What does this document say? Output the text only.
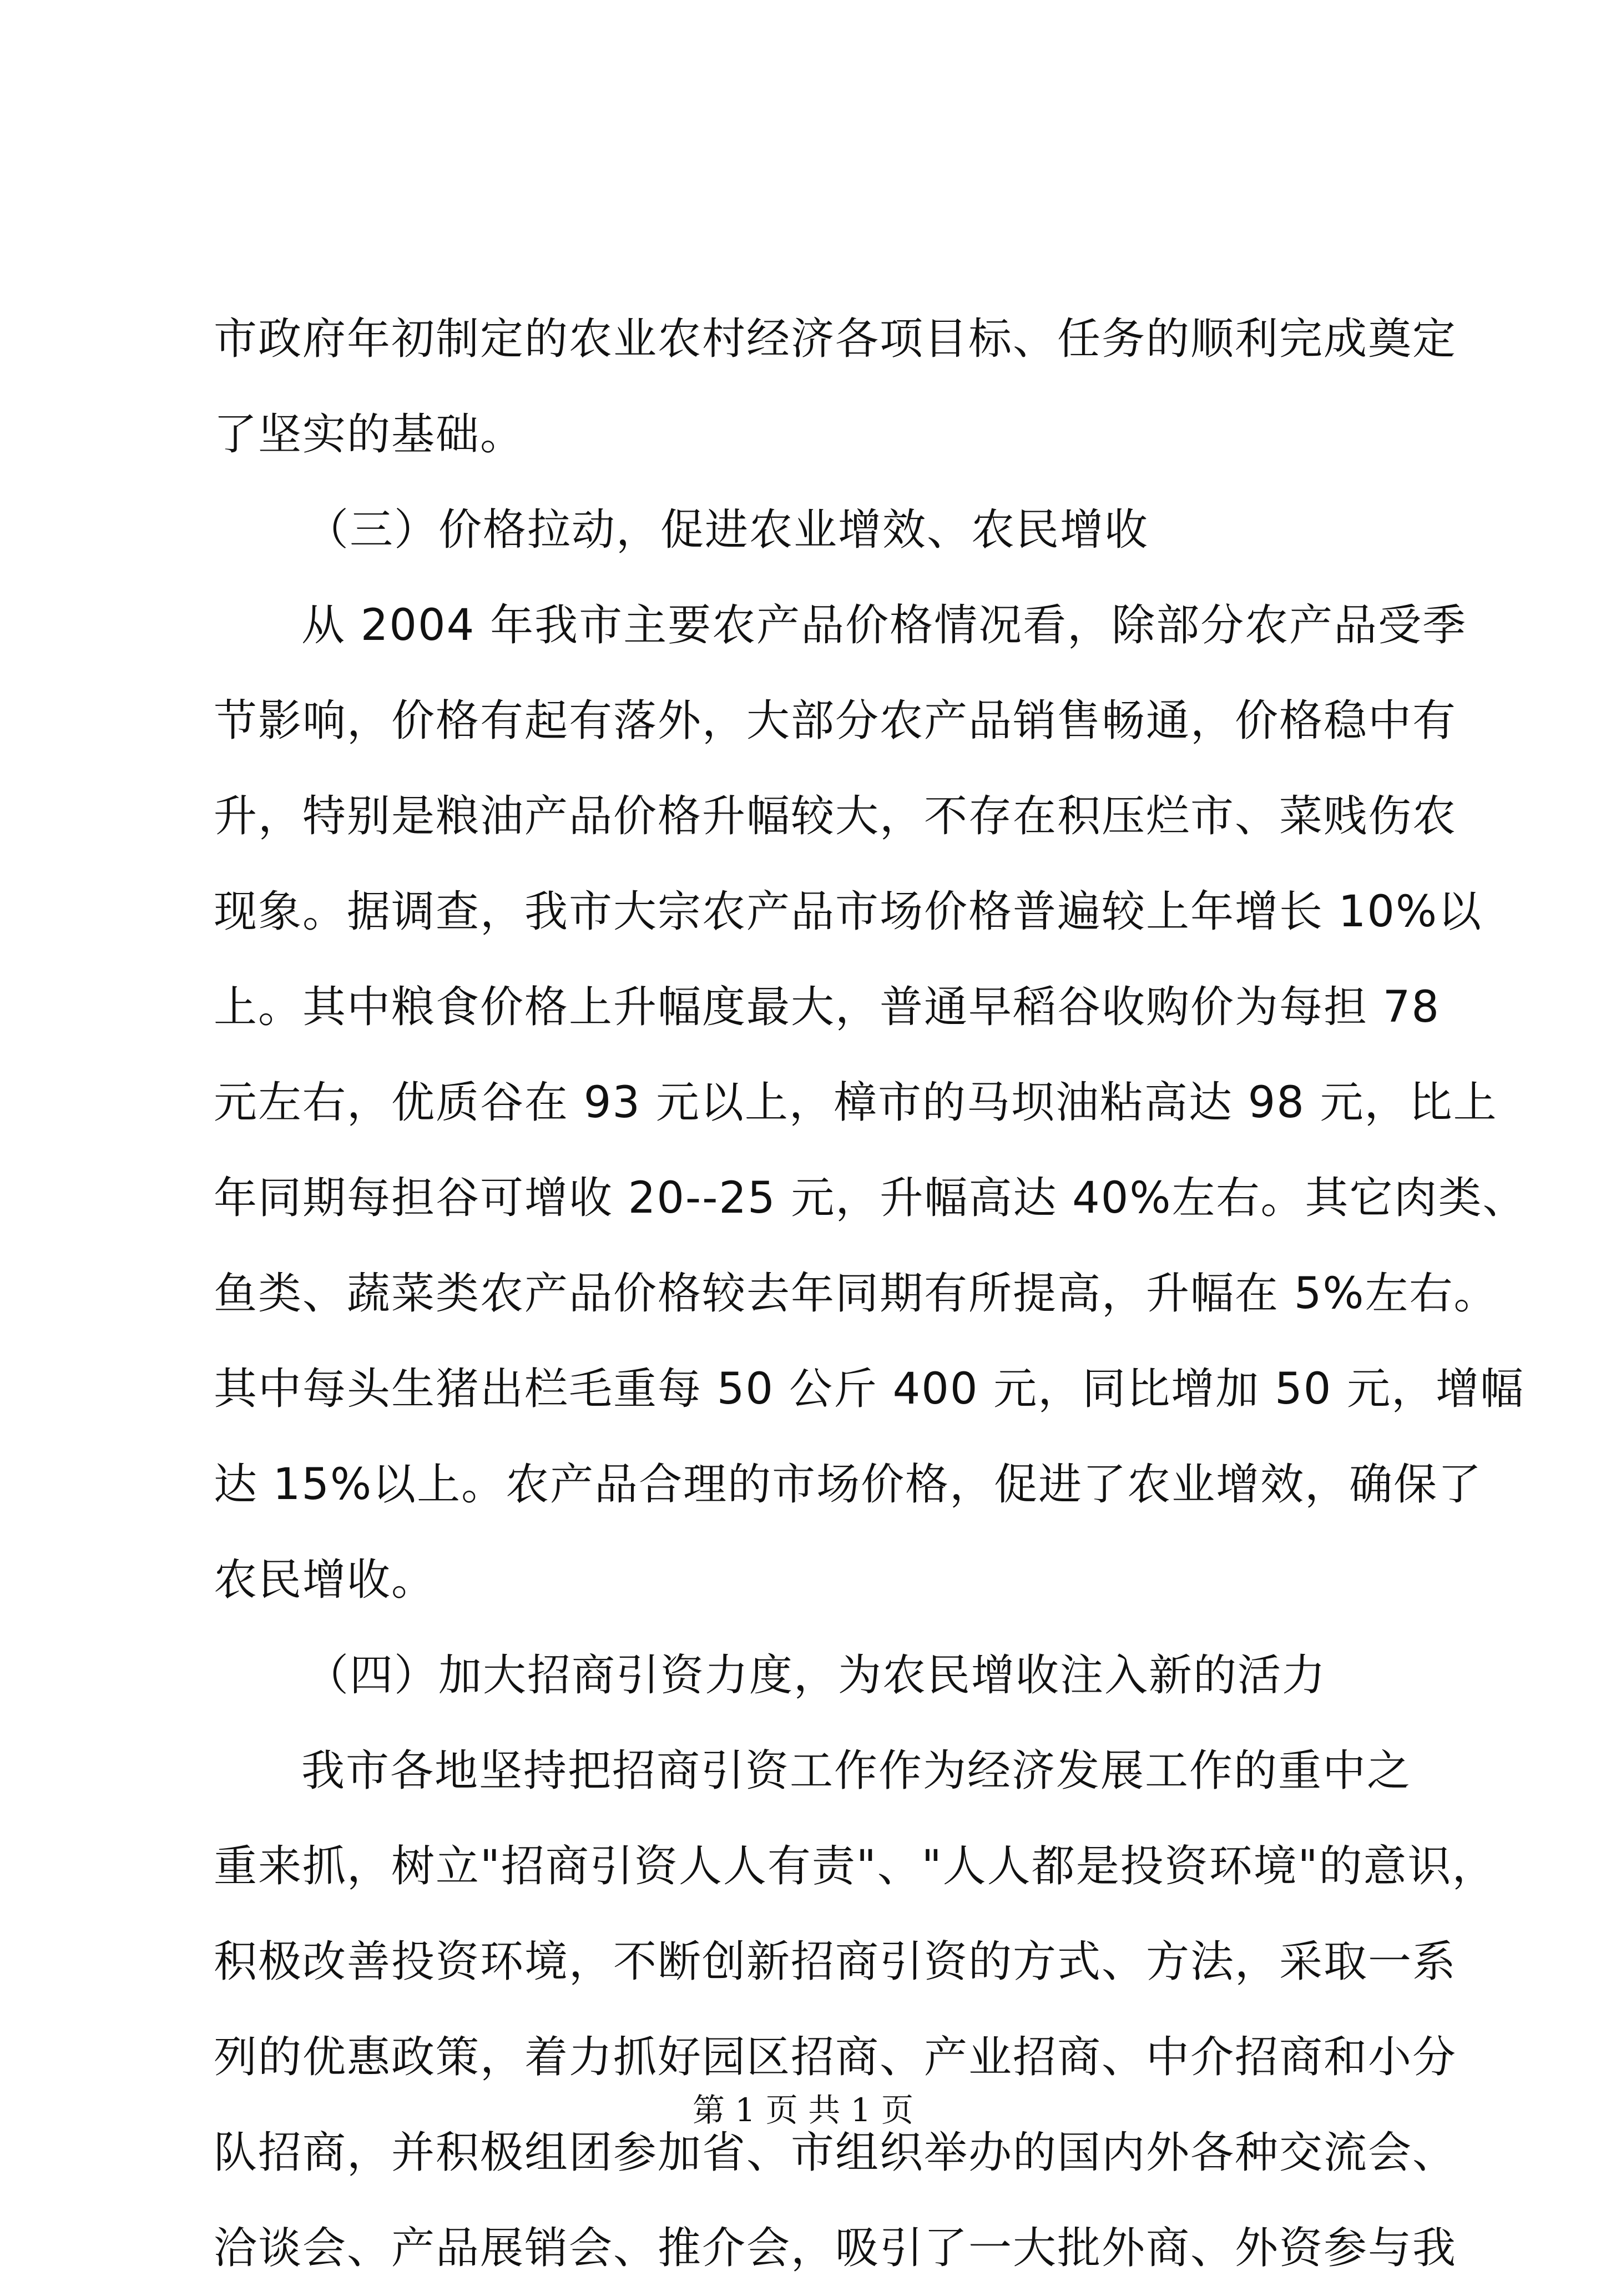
市政府年初制定的农业农村经济各项目标、任务的顺利完成奠定
了坚实的基础。
（三）价格拉动，促进农业增效、农民增收
从 2004 年我市主要农产品价格情况看，除部分农产品受季
节影响，价格有起有落外，大部分农产品销售畅通，价格稳中有
升，特别是粮油产品价格升幅较大，不存在积压烂市、菜贱伤农
现象。据调查，我市大宗农产品市场价格普遍较上年增长 10%以
上。其中粮食价格上升幅度最大，普通早稻谷收购价为每担 78
元左右，优质谷在 93 元以上，樟市的马坝油粘高达 98 元，比上
年同期每担谷可增收 20--25 元，升幅高达 40%左右。其它肉类、
鱼类、蔬菜类农产品价格较去年同期有所提高，升幅在 5%左右。
其中每头生猪出栏毛重每 50 公斤 400 元，同比增加 50 元，增幅
达 15%以上。农产品合理的市场价格，促进了农业增效，确保了
农民增收。
（四）加大招商引资力度，为农民增收注入新的活力
我市各地坚持把招商引资工作作为经济发展工作的重中之
重来抓，树立"招商引资人人有责"、"人人都是投资环境"的意识，
积极改善投资环境，不断创新招商引资的方式、方法，采取一系
列的优惠政策，着力抓好园区招商、产业招商、中介招商和小分
队招商，并积极组团参加省、市组织举办的国内外各种交流会、
洽谈会、产品展销会、推介会，吸引了一大批外商、外资参与我
第 1 页 共 1 页
